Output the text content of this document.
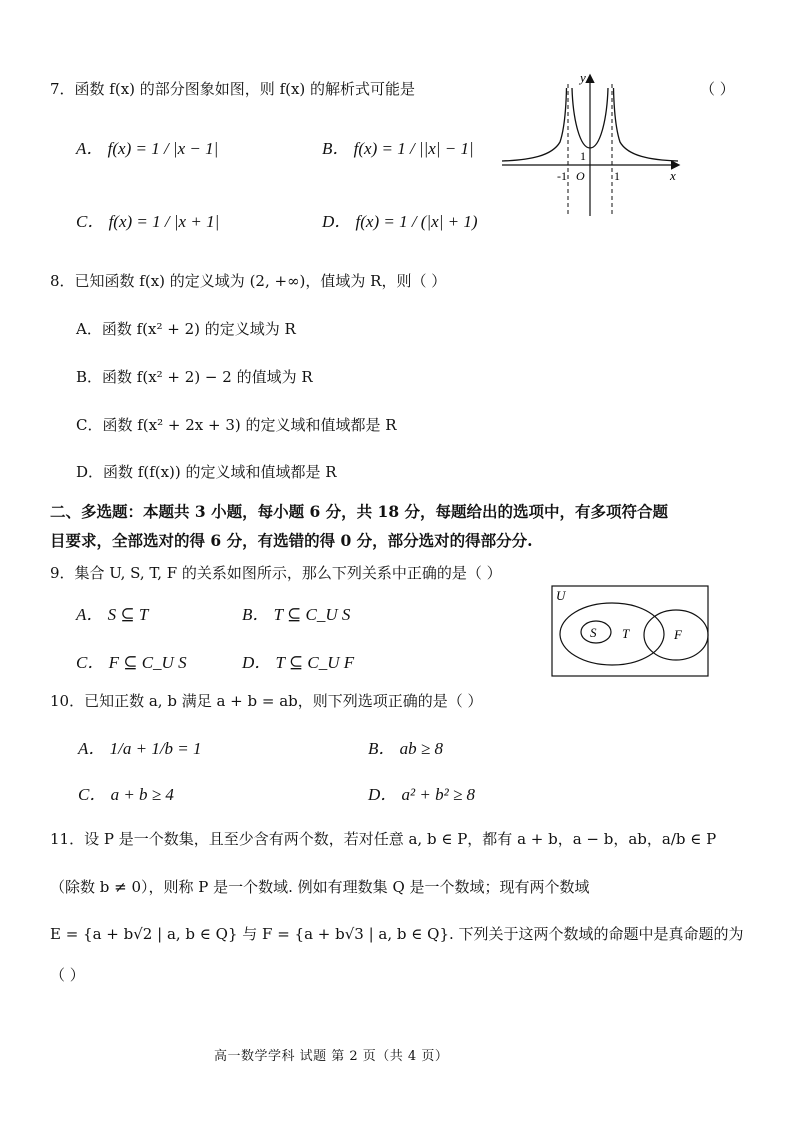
7．函数 f(x) 的部分图象如图，则 f(x) 的解析式可能是	（ ）
A． f(x) = 1 / |x − 1|	B． f(x) = 1 / ||x| − 1|
C． f(x) = 1 / |x + 1|	D． f(x) = 1 / (|x| + 1)
y
x
1
-1 O 1
8．已知函数 f(x) 的定义域为 (2, +∞)，值域为 R，则（ ）
A．函数 f(x² + 2) 的定义域为 R
B．函数 f(x² + 2) − 2 的值域为 R
C．函数 f(x² + 2x + 3) 的定义域和值域都是 R
D．函数 f(f(x)) 的定义域和值域都是 R
二、多选题：本题共 3 小题，每小题 6 分，共 18 分，每题给出的选项中，有多项符合题
目要求，全部选对的得 6 分，有选错的得 0 分，部分选对的得部分分.
9．集合 U, S, T, F 的关系如图所示，那么下列关系中正确的是（ ）
A． S ⊆ T	B． T ⊆ C_U S
C． F ⊆ C_U S	D． T ⊆ C_U F
U
S T	F
10．已知正数 a, b 满足 a + b = ab，则下列选项正确的是（ ）
A． 1/a + 1/b = 1	B． ab ≥ 8
C． a + b ≥ 4	D． a² + b² ≥ 8
11．设 P 是一个数集，且至少含有两个数，若对任意 a, b ∈ P，都有 a + b，a − b，ab，a/b ∈ P
（除数 b ≠ 0），则称 P 是一个数域. 例如有理数集 Q 是一个数域；现有两个数域
E = {a + b√2 | a, b ∈ Q} 与 F = {a + b√3 | a, b ∈ Q}. 下列关于这两个数域的命题中是真命题的为
（ ）
高一数学学科 试题 第 2 页（共 4 页）
